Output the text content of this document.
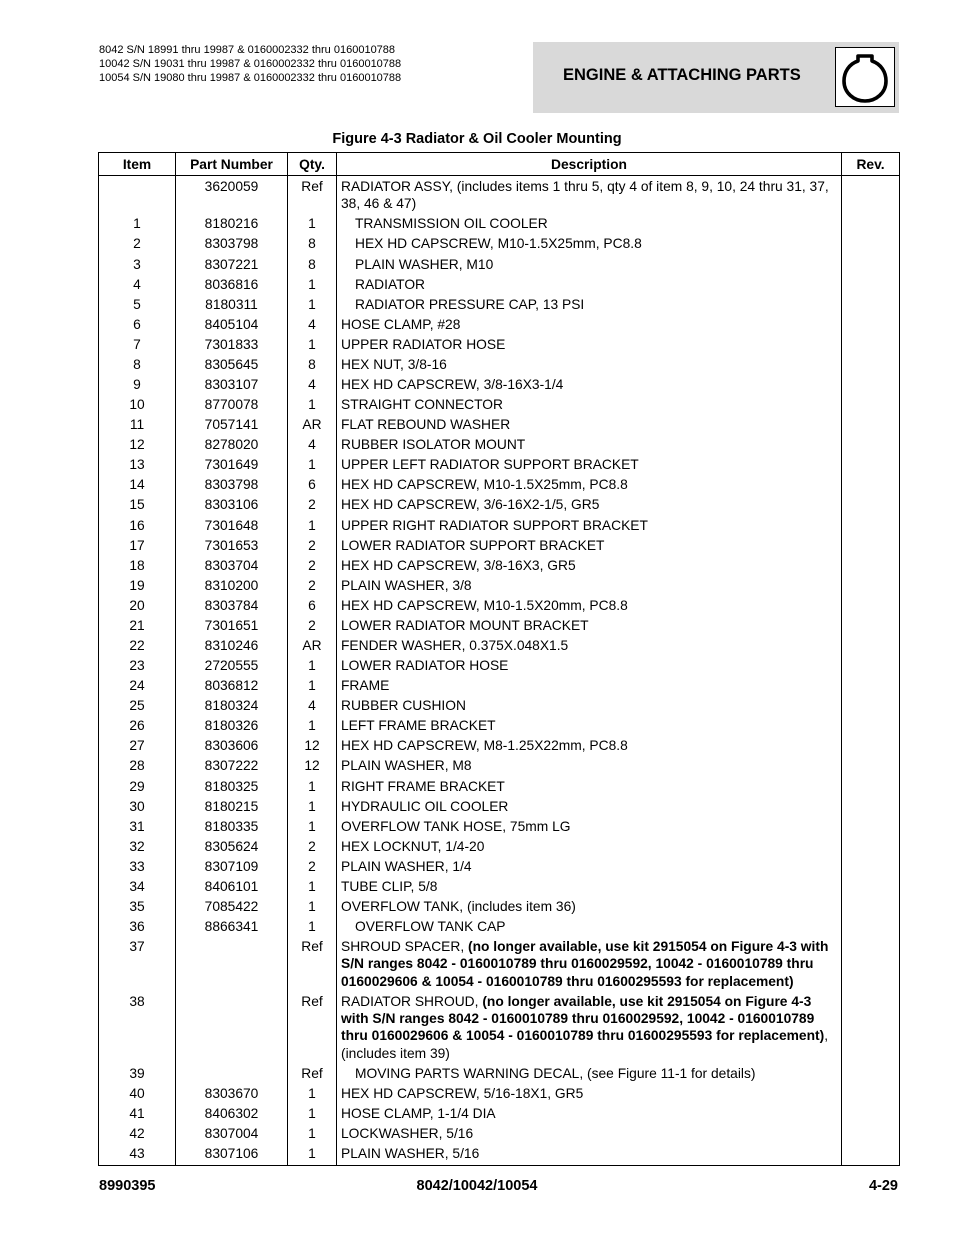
8042 S/N 18991 thru 19987 & 0160002332 thru 0160010788
10042 S/N 19031 thru 19987 & 0160002332 thru 0160010788
10054 S/N 19080 thru 19987 & 0160002332 thru 0160010788	ENGINE & ATTACHING PARTS
Figure 4-3 Radiator & Oil Cooler Mounting
Item	Part Number	Qty.	Description	Rev.
	3620059	Ref	RADIATOR ASSY, (includes items 1 thru 5, qty 4 of item 8, 9, 10, 24 thru 31, 37, 38, 46 & 47)	

1	8180216	1	TRANSMISSION OIL COOLER	

2	8303798	8	HEX HD CAPSCREW, M10-1.5X25mm, PC8.8	

3	8307221	8	PLAIN WASHER, M10	

4	8036816	1	RADIATOR	

5	8180311	1	RADIATOR PRESSURE CAP, 13 PSI	

6	8405104	4	HOSE CLAMP, #28	

7	7301833	1	UPPER RADIATOR HOSE	

8	8305645	8	HEX NUT, 3/8-16	

9	8303107	4	HEX HD CAPSCREW, 3/8-16X3-1/4	

10	8770078	1	STRAIGHT CONNECTOR	

11	7057141	AR	FLAT REBOUND WASHER	

12	8278020	4	RUBBER ISOLATOR MOUNT	

13	7301649	1	UPPER LEFT RADIATOR SUPPORT BRACKET	

14	8303798	6	HEX HD CAPSCREW, M10-1.5X25mm, PC8.8	

15	8303106	2	HEX HD CAPSCREW, 3/6-16X2-1/5, GR5	

16	7301648	1	UPPER RIGHT RADIATOR SUPPORT BRACKET	

17	7301653	2	LOWER RADIATOR SUPPORT BRACKET	

18	8303704	2	HEX HD CAPSCREW, 3/8-16X3, GR5	

19	8310200	2	PLAIN WASHER, 3/8	

20	8303784	6	HEX HD CAPSCREW, M10-1.5X20mm, PC8.8	

21	7301651	2	LOWER RADIATOR MOUNT BRACKET	

22	8310246	AR	FENDER WASHER, 0.375X.048X1.5	

23	2720555	1	LOWER RADIATOR HOSE	

24	8036812	1	FRAME	

25	8180324	4	RUBBER CUSHION	

26	8180326	1	LEFT FRAME BRACKET	

27	8303606	12	HEX HD CAPSCREW, M8-1.25X22mm, PC8.8	

28	8307222	12	PLAIN WASHER, M8	

29	8180325	1	RIGHT FRAME BRACKET	

30	8180215	1	HYDRAULIC OIL COOLER	

31	8180335	1	OVERFLOW TANK HOSE, 75mm LG	

32	8305624	2	HEX LOCKNUT, 1/4-20	

33	8307109	2	PLAIN WASHER, 1/4	

34	8406101	1	TUBE CLIP, 5/8	

35	7085422	1	OVERFLOW TANK, (includes item 36)	

36	8866341	1	OVERFLOW TANK CAP	

37		Ref	SHROUD SPACER, (no longer available, use kit 2915054 on Figure 4-3 with S/N ranges 8042 - 0160010789 thru 0160029592, 10042 - 0160010789 thru 0160029606 & 10054 - 0160010789 thru 01600295593 for replacement)	

38		Ref	RADIATOR SHROUD, (no longer available, use kit 2915054 on Figure 4-3 with S/N ranges 8042 - 0160010789 thru 0160029592, 10042 - 0160010789 thru 0160029606 & 10054 - 0160010789 thru 01600295593 for replacement), (includes item 39)	

39		Ref	MOVING PARTS WARNING DECAL, (see Figure 11-1 for details)	

40	8303670	1	HEX HD CAPSCREW, 5/16-18X1, GR5	

41	8406302	1	HOSE CLAMP, 1-1/4 DIA	

42	8307004	1	LOCKWASHER, 5/16	

43	8307106	1	PLAIN WASHER, 5/16	

8990395	8042/10042/10054	4-29
